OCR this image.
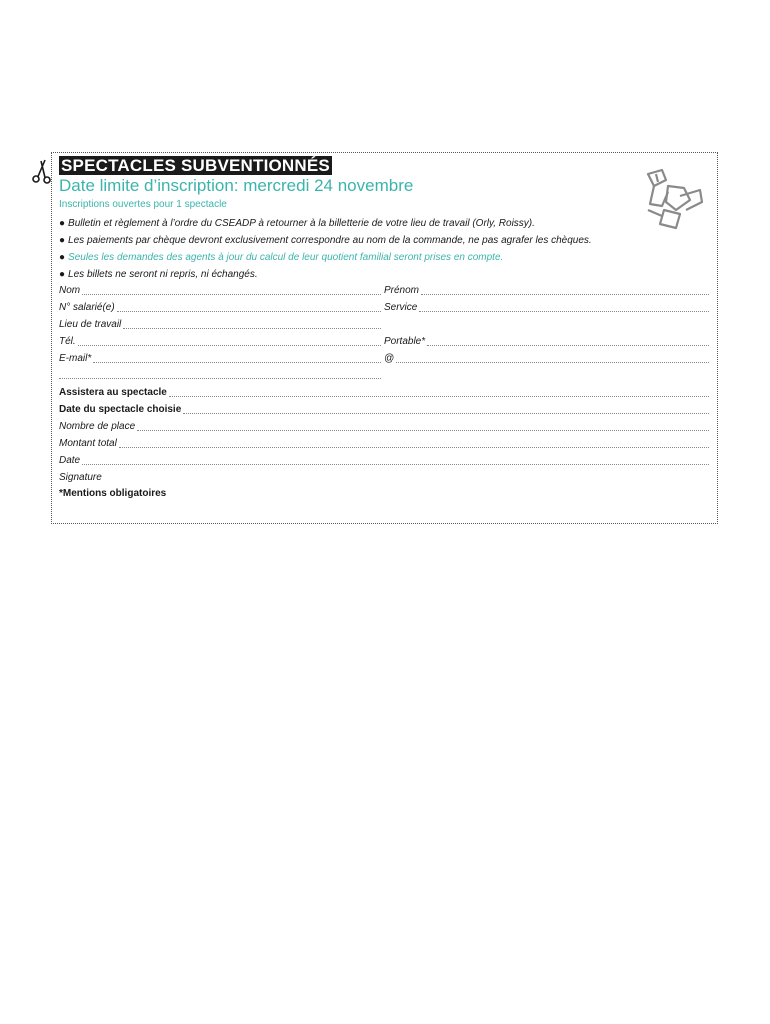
SPECTACLES SUBVENTIONNÉS
Date limite d’inscription: mercredi 24 novembre
Inscriptions ouvertes pour 1 spectacle
● Bulletin et règlement à l’ordre du CSEADP à retourner à la billetterie de votre lieu de travail (Orly, Roissy).
● Les paiements par chèque devront exclusivement correspondre au nom de la commande, ne pas agrafer les chèques.
● Seules les demandes des agents à jour du calcul de leur quotient familial seront prises en compte.
● Les billets ne seront ni repris, ni échangés.
Nom	Prénom
N° salarié(e)	Service
Lieu de travail
Tél.	Portable*
E-mail*	@
Assistera au spectacle
Date du spectacle choisie
Nombre de place
Montant total
Date
Signature
*Mentions obligatoires
